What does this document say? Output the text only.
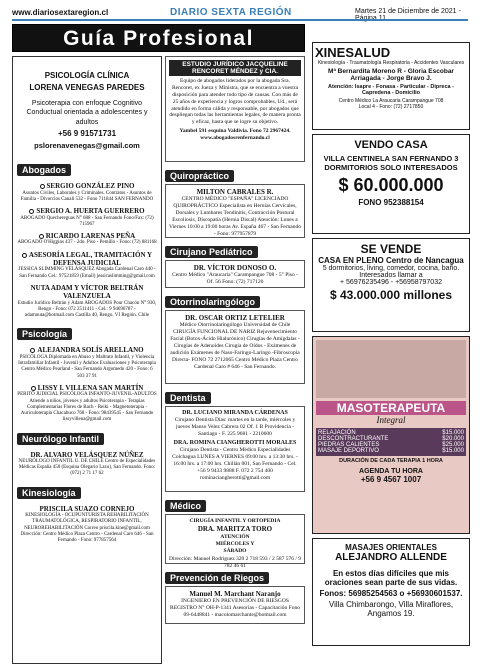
www.diariosextaregion.cl	DIARIO SEXTA REGIÓN	Martes 21 de Diciembre de 2021 -
Guía Profesional
PSICOLOGÍA CLÍNICA
LORENA VENEGAS PAREDES
Psicoterapia con enfoque Cognitivo Conductual orientada a adolescentes y adultos
+56 9 91571731
pslorenavenegas@gmail.com
Abogados
SERGIO GONZÁLEZ PINO
Asuntos Civiles, Laborales y Criminales. Contratos - Asuntos de Familia - Divorcios Canali 532 - Fono 711844 SAN FERNANDO
SERGIO A. HUERTA GUERRERO
ABOGADO Quechereguas N° 688 - San Fernando Fono/Fax: (72) 715967
RICARDO LARENAS PEÑA
ABOGADO O'Higgins 437 - 2do. Piso - Pemillo - Fono: (72) 881168
ASESORÍA LEGAL, TRAMITACIÓN Y DEFENSA JUDICIAL
JESSICA SLIMMING VELÁSQUEZ Abogada Cardenal Caro 440 - San Fernando Cel.: 97521859 (Email) jessicaslimming@gmail.com
NUTA ADAM Y VÍCTOR BELTRÁN VALENZUELA
Estudio Jurídico Beltrán y Adam ABOGADOS Pour Chacón N° 930, Rengo - Fono: 072 2511411 - Cel.: 9 94696787 - adamnuta@hotmail.com Castilla 40, Rengo. VI Región. Chile
Psicología
ALEJANDRA SOLÍS ARELLANO
PSICÓLOGA Diplomada en Abuso y Maltrato Infantil, y Violencia Intrafamiliar Infantil - Juvenil y Adultos Evaluaciones y Psicoterapia Centro Médico Pearland - San Fernando Argomedo 420 - Fono: 6 503 37 91
LISSY I. VILLENA SAN MARTÍN
PERITO JUDICIAL PSICÓLOGA INFANTO-JUVENIL-ADULTOS Atiende a niños, jóvenes y adultos Psicoterapia - Terapias Complementarias Flores de Bach - Reiki - Magnetoterapia - Auriculoterapia Chacabuco 768 - Fono: 98439545 - San Fernando lissyvillena@gmail.com
Neurólogo Infantil
DR. ALVARO VELÁSQUEZ NÚÑEZ
NEURÓLOGO INFANTIL U. DE CHILE Centro de Especialidades Médicas España 450 (Esquina Olegario Lazo), San Fernando. Fono: (072) 2 71 17 62
Kinesiología
PRISCILA SUAZO CORNEJO
KINESIOLOGÍA - OCUPUNTURISTA REHABILITACIÓN TRAUMATOLÓGICA, RESPIRATORIO INFANTIL, NEUROREHABILITACIÓN Correo priscila.kine@gmail.com Dirección: Centro Médico Plaza Centro - Cardenal Caro 646 - San Fernando - Fono: 977857564
ESTUDIO JURÍDICO JACQUELINE RENCORET MÉNDEZ y CIA.
Equipo de abogados liderados por la abogada Sra. Rencoret, ex Jueza y Ministra, que se encuentra a vuestra disposición para atender todo tipo de causas. Con más de 25 años de experiencia y logros comprobables, Ud., será atendido en forma cálida y responsable, por abogados que despliegan todas las herramientas legales, de manera pronta y eficaz, hasta que se logre su objetivo.
Yambel 591 esquina Valdivia. Fono 72 2967424. www.abogadosrenfernando.cl
Quiropráctico
MILTON CABRALES R.
CENTRO MÉDICO "ESPAÑA" LICENCIADO QUIROPRÁCTICO Especialista en Hernias Cervicales, Dorsales y Lumbares Tendinitis, Contracción Postural Escoliosis, Discopatía (Hernia Discal) Atención: Lunes a Viernes 10:00 a 19:00 horas Av. España 467 - San Fernando - Fono: 977957879
Cirujano Pediátrico
DR. VÍCTOR DONOSO O.
Centro Médico "Araucaria" Carampangue 708 - 5° Piso - Of. 56 Fono: (72) 717120
Otorrinolaringólogo
DR. OSCAR ORTIZ LETELIER
Médico Otorrinolaringólogo Universidad de Chile CIRUGÍA FUNCIONAL DE NARIZ Rejuvenecimiento Facial (Botox-Ácido Hialurónico) Cirugías de Amígdalas - Cirugías de Adenoides Cirugía de Oídos - Exámenes de audición Exámenes de Naso-Faringo-Laringo -Fibroscopía Directa- FONO 72 2712065 Centro Médico Plaza Centro Cardenal Caro # 646 - San Fernando.
Dentista
DR. LUCIANO MIRANDA CÁRDENAS
Cirujano Dentista Días: martes en la tarde, miércoles y jueves Manso Velez Cabrera 02 Of. 1 B Providencia - Santiago - F. 225 9681 - 2210600
DRA. ROMINA CIANGHEROTTI MORALES
Cirujano Dentista - Centro Médico Especialidades Colchagua LUNES A VIERNES 09:00 hrs. a 13:30 hrs. - 16:00 hrs. a 17:00 hrs. Chillán 001, San Fernando - Cel. +56 9 9433 9888 F. 072 2 754 400 rominaciangherotti@gmail.com
Médico
CIRUGÍA INFANTIL Y ORTOPEDIA
DRA. MARITZA TORO
ATENCIÓN MIÉRCOLES Y SÁBADO
Dirección: Manuel Rodríguez 320 2 718 593 / 2 587 576 / 9 782 46 61
Prevención de Riegos
Manuel M. Marchant Naranjo
INGENIERO EN PREVENCIÓN DE RIESGOS REGISTRO N° OH-P-1341 Asesorías - Capacitación Fono 09-6448841 - macolomarchante@hotmail.com
XINESALUD
Kinesiología - Traumatología Respiratoria - Accidentes Vasculares
Mª Bernardita Moreno R - Gloria Escobar Arriagada - Jorge Bravo J.
Atención: Isapre - Fonasa - Particular - Dipreca - Capredena - Domicilio
Centro Médico La Araucaria Carampangue 708
Local 4 - Fono: (72) 2717850
VENDO CASA
VILLA CENTINELA SAN FERNANDO 3 DORMITORIOS SOLO INTERESADOS
$ 60.000.000
FONO 952388154
SE VENDE
CASA EN PLENO Centro de Nancagua
5 dormitorios, living, comedor, cocina, baño. Interesados llamar a
+ 56976235496 - +56958797032
$ 43.000.000 millones
MASOTERAPEUTA
Integral
RELAJACIÓN	$15.000
DESCONTRACTURANTE	$20.000
PIEDRAS CALIENTES	$25.000
MASAJE DEPORTIVO	$15.000
DURACIÓN DE CADA TERAPIA 1 HORA
AGENDA TU HORA
+56 9 4567 1007
MASAJES ORIENTALES
ALEJANDRO ALLENDE
En estos días difíciles que mis oraciones sean parte de sus vidas.
Fonos: 56985254563 o +56930601537.
Villa Chimbarongo, Villa Miraflores, Angamos 19.
